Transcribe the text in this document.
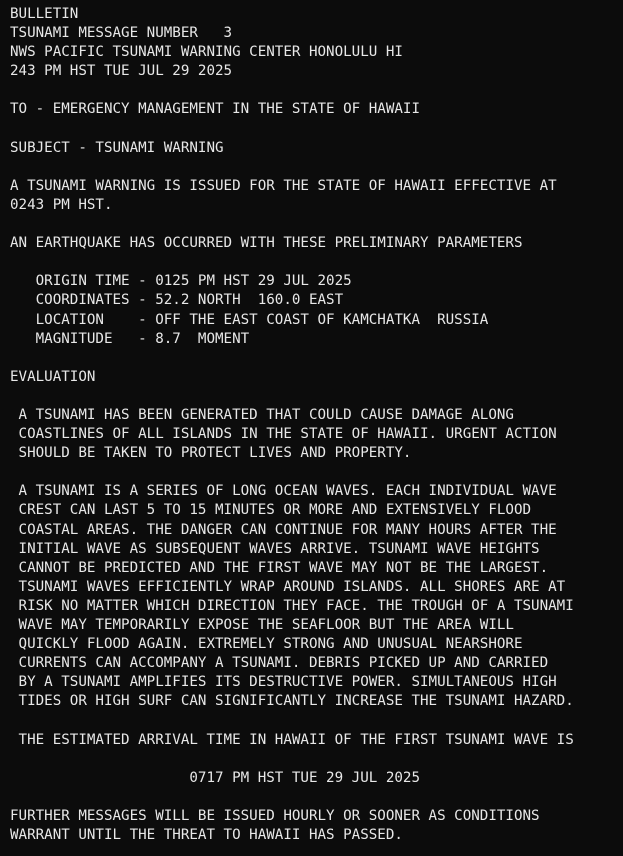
BULLETIN
TSUNAMI MESSAGE NUMBER   3
NWS PACIFIC TSUNAMI WARNING CENTER HONOLULU HI
243 PM HST TUE JUL 29 2025
TO - EMERGENCY MANAGEMENT IN THE STATE OF HAWAII
SUBJECT - TSUNAMI WARNING
A TSUNAMI WARNING IS ISSUED FOR THE STATE OF HAWAII EFFECTIVE AT
0243 PM HST.
AN EARTHQUAKE HAS OCCURRED WITH THESE PRELIMINARY PARAMETERS
ORIGIN TIME - 0125 PM HST 29 JUL 2025
COORDINATES - 52.2 NORTH  160.0 EAST
LOCATION    - OFF THE EAST COAST OF KAMCHATKA  RUSSIA
MAGNITUDE   - 8.7  MOMENT
EVALUATION
A TSUNAMI HAS BEEN GENERATED THAT COULD CAUSE DAMAGE ALONG
COASTLINES OF ALL ISLANDS IN THE STATE OF HAWAII. URGENT ACTION
SHOULD BE TAKEN TO PROTECT LIVES AND PROPERTY.
A TSUNAMI IS A SERIES OF LONG OCEAN WAVES. EACH INDIVIDUAL WAVE
CREST CAN LAST 5 TO 15 MINUTES OR MORE AND EXTENSIVELY FLOOD
COASTAL AREAS. THE DANGER CAN CONTINUE FOR MANY HOURS AFTER THE
INITIAL WAVE AS SUBSEQUENT WAVES ARRIVE. TSUNAMI WAVE HEIGHTS
CANNOT BE PREDICTED AND THE FIRST WAVE MAY NOT BE THE LARGEST.
TSUNAMI WAVES EFFICIENTLY WRAP AROUND ISLANDS. ALL SHORES ARE AT
RISK NO MATTER WHICH DIRECTION THEY FACE. THE TROUGH OF A TSUNAMI
WAVE MAY TEMPORARILY EXPOSE THE SEAFLOOR BUT THE AREA WILL
QUICKLY FLOOD AGAIN. EXTREMELY STRONG AND UNUSUAL NEARSHORE
CURRENTS CAN ACCOMPANY A TSUNAMI. DEBRIS PICKED UP AND CARRIED
BY A TSUNAMI AMPLIFIES ITS DESTRUCTIVE POWER. SIMULTANEOUS HIGH
TIDES OR HIGH SURF CAN SIGNIFICANTLY INCREASE THE TSUNAMI HAZARD.
THE ESTIMATED ARRIVAL TIME IN HAWAII OF THE FIRST TSUNAMI WAVE IS
0717 PM HST TUE 29 JUL 2025
FURTHER MESSAGES WILL BE ISSUED HOURLY OR SOONER AS CONDITIONS
WARRANT UNTIL THE THREAT TO HAWAII HAS PASSED.
